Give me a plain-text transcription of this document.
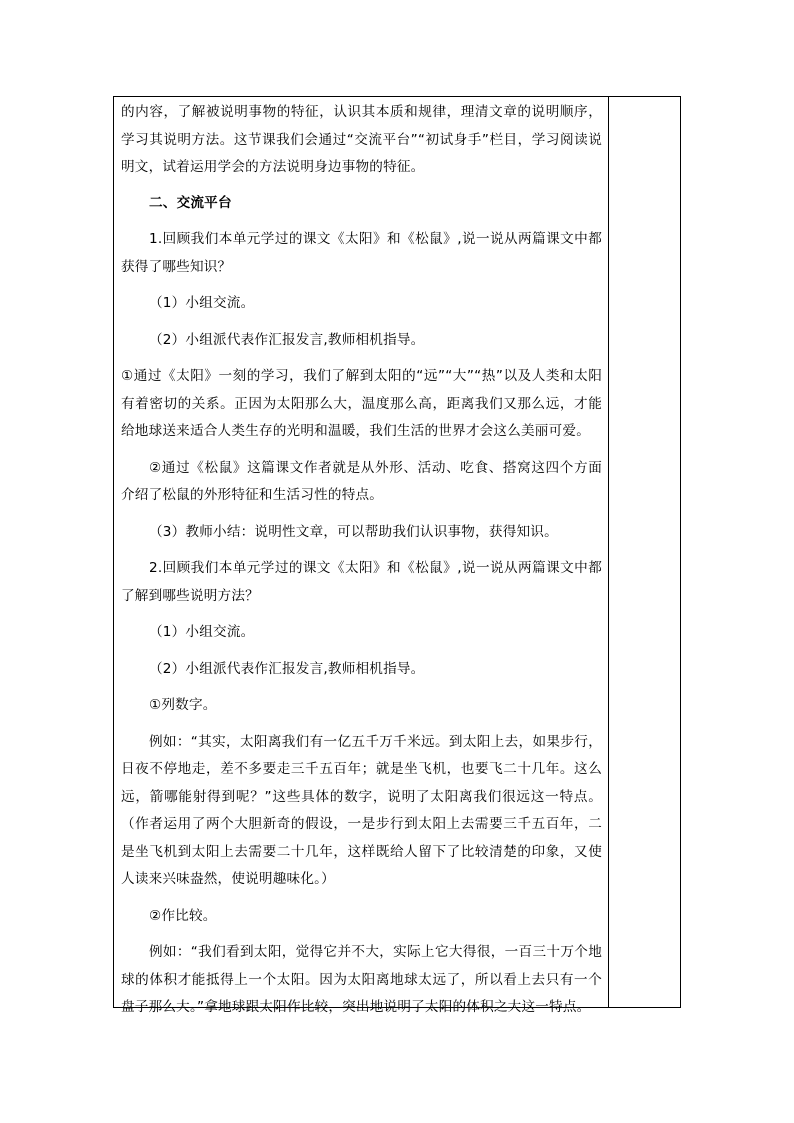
的内容，了解被说明事物的特征，认识其本质和规律，理清文章的说明顺序，学习其说明方法。这节课我们会通过“交流平台”“初试身手”栏目，学习阅读说明文，试着运用学会的方法说明身边事物的特征。

二、交流平台

1.回顾我们本单元学过的课文《太阳》和《松鼠》,说一说从两篇课文中都获得了哪些知识？

（1）小组交流。

（2）小组派代表作汇报发言,教师相机指导。

①通过《太阳》一刻的学习，我们了解到太阳的“远”“大”“热”以及人类和太阳有着密切的关系。正因为太阳那么大，温度那么高，距离我们又那么远，才能给地球送来适合人类生存的光明和温暖，我们生活的世界才会这么美丽可爱。

②通过《松鼠》这篇课文作者就是从外形、活动、吃食、搭窝这四个方面介绍了松鼠的外形特征和生活习性的特点。

（3）教师小结：说明性文章，可以帮助我们认识事物，获得知识。

2.回顾我们本单元学过的课文《太阳》和《松鼠》,说一说从两篇课文中都了解到哪些说明方法？

（1）小组交流。

（2）小组派代表作汇报发言,教师相机指导。

①列数字。

例如：“其实，太阳离我们有一亿五千万千米远。到太阳上去，如果步行，日夜不停地走，差不多要走三千五百年；就是坐飞机，也要飞二十几年。这么远，箭哪能射得到呢？”这些具体的数字，说明了太阳离我们很远这一特点。（作者运用了两个大胆新奇的假设，一是步行到太阳上去需要三千五百年，二是坐飞机到太阳上去需要二十几年，这样既给人留下了比较清楚的印象，又使人读来兴味盎然，使说明趣味化。）

②作比较。

例如：“我们看到太阳，觉得它并不大，实际上它大得很，一百三十万个地球的体积才能抵得上一个太阳。因为太阳离地球太远了，所以看上去只有一个盘子那么大。”拿地球跟太阳作比较，突出地说明了太阳的体积之大这一特点。
